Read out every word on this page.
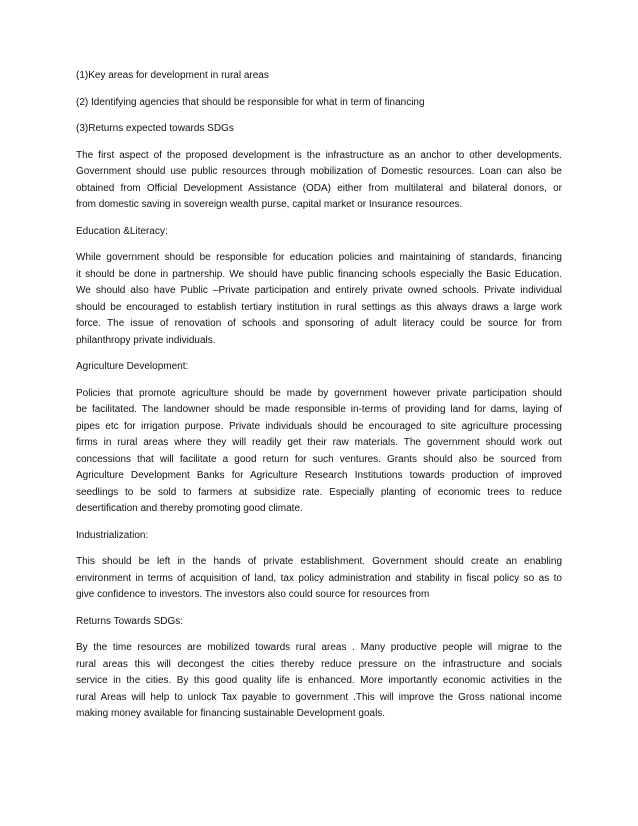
(1)Key areas for development in rural areas

(2) Identifying agencies that should be responsible for what in term of financing

(3)Returns expected towards SDGs

The first aspect of the proposed development is the infrastructure as an anchor to other developments.
Government should use public resources through mobilization of Domestic resources. Loan can also be
obtained from Official Development Assistance (ODA) either from multilateral and bilateral donors, or
from domestic saving in sovereign wealth purse, capital market or Insurance resources.

Education &Literacy:

While government should be responsible for education policies and maintaining of standards, financing
it should be done in partnership. We should have public financing schools especially the Basic Education.
We should also have Public –Private participation and entirely private owned schools. Private individual
should be encouraged to establish tertiary institution in rural settings as this always draws a large work
force. The issue of renovation of schools and sponsoring of adult literacy could be source for from
philanthropy private individuals.

Agriculture Development:

Policies that promote agriculture should be made by government however private participation should
be facilitated. The landowner should be made responsible in-terms of providing land for dams, laying of
pipes etc for irrigation purpose. Private individuals should be encouraged to site agriculture processing
firms in rural areas where they will readily get their raw materials. The government should work out
concessions that will facilitate a good return for such ventures. Grants should also be sourced from
Agriculture Development Banks for Agriculture Research Institutions towards production of improved
seedlings to be sold to farmers at subsidize rate. Especially planting of economic trees to reduce
desertification and thereby promoting good climate.

Industrialization:

This should be left in the hands of private establishment. Government should create an enabling
environment in terms of acquisition of land, tax policy administration and stability in fiscal policy so as to
give confidence to investors. The investors also could source for resources from

Returns Towards SDGs:

By the time resources are mobilized towards rural areas . Many productive people will migrae to the
rural areas this will decongest the cities thereby reduce pressure on the infrastructure and socials
service in the cities. By this good quality life is enhanced. More importantly economic activities in the
rural Areas will help to unlock Tax payable to government .This will improve the Gross national income
making money available for financing sustainable Development goals.
